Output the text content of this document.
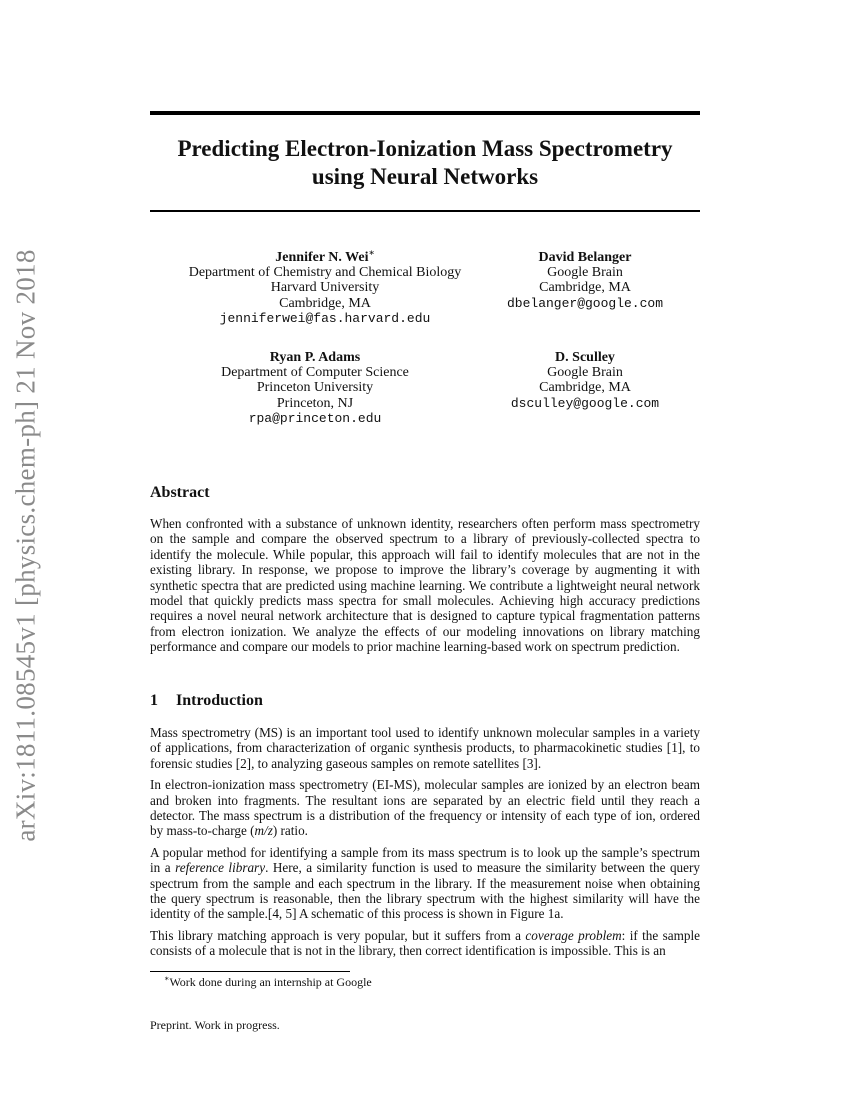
arXiv:1811.08545v1 [physics.chem-ph] 21 Nov 2018
Predicting Electron-Ionization Mass Spectrometry
using Neural Networks
Jennifer N. Wei∗
Department of Chemistry and Chemical Biology
Harvard University
Cambridge, MA
jenniferwei@fas.harvard.edu
David Belanger
Google Brain
Cambridge, MA
dbelanger@google.com
Ryan P. Adams
Department of Computer Science
Princeton University
Princeton, NJ
rpa@princeton.edu
D. Sculley
Google Brain
Cambridge, MA
dsculley@google.com
Abstract

When confronted with a substance of unknown identity, researchers often perform mass spectrometry on the sample and compare the observed spectrum to a library of previously-collected spectra to identify the molecule. While popular, this approach will fail to identify molecules that are not in the existing library. In response, we propose to improve the library’s coverage by augmenting it with synthetic spectra that are predicted using machine learning. We contribute a lightweight neural network model that quickly predicts mass spectra for small molecules. Achieving high accuracy predictions requires a novel neural network architecture that is designed to capture typical fragmentation patterns from electron ionization. We analyze the effects of our modeling innovations on library matching performance and compare our models to prior machine learning-based work on spectrum prediction.

1 Introduction

Mass spectrometry (MS) is an important tool used to identify unknown molecular samples in a variety of applications, from characterization of organic synthesis products, to pharmacokinetic studies [1], to forensic studies [2], to analyzing gaseous samples on remote satellites [3].

In electron-ionization mass spectrometry (EI-MS), molecular samples are ionized by an electron beam and broken into fragments. The resultant ions are separated by an electric field until they reach a detector. The mass spectrum is a distribution of the frequency or intensity of each type of ion, ordered by mass-to-charge (m/z) ratio.

A popular method for identifying a sample from its mass spectrum is to look up the sample’s spectrum in a reference library. Here, a similarity function is used to measure the similarity between the query spectrum from the sample and each spectrum in the library. If the measurement noise when obtaining the query spectrum is reasonable, then the library spectrum with the highest similarity will have the identity of the sample.[4, 5] A schematic of this process is shown in Figure 1a.

This library matching approach is very popular, but it suffers from a coverage problem: if the sample consists of a molecule that is not in the library, then correct identification is impossible. This is an

∗Work done during an internship at Google
Preprint. Work in progress.
